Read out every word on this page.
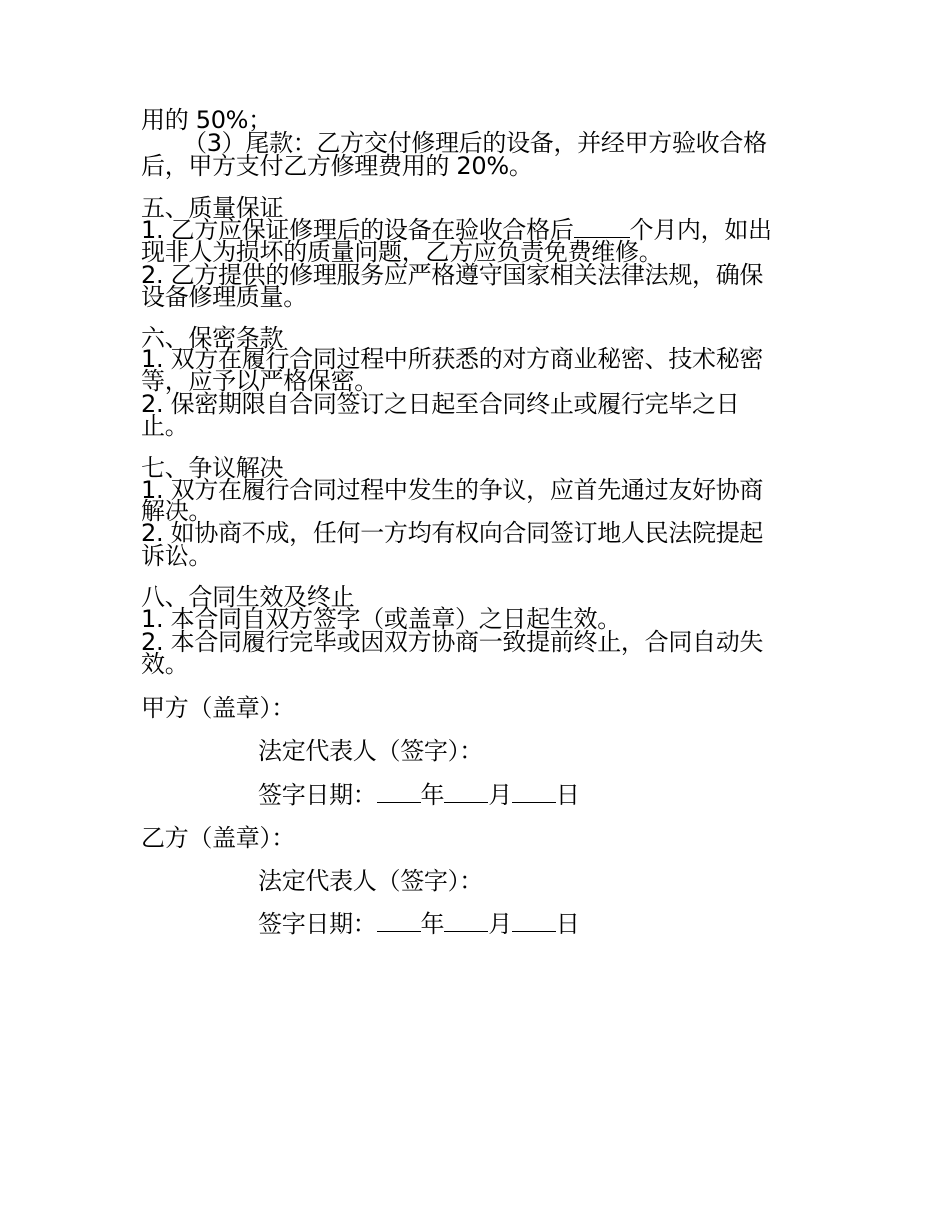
用的 50%；
（3）尾款：乙方交付修理后的设备，并经甲方验收合格
后，甲方支付乙方修理费用的 20%。
五、质量保证
1. 乙方应保证修理后的设备在验收合格后 个月内，如出
现非人为损坏的质量问题，乙方应负责免费维修。
2. 乙方提供的修理服务应严格遵守国家相关法律法规，确保
设备修理质量。
六、保密条款
1. 双方在履行合同过程中所获悉的对方商业秘密、技术秘密
等，应予以严格保密。
2. 保密期限自合同签订之日起至合同终止或履行完毕之日
止。
七、争议解决
1. 双方在履行合同过程中发生的争议，应首先通过友好协商
解决。
2. 如协商不成，任何一方均有权向合同签订地人民法院提起
诉讼。
八、合同生效及终止
1. 本合同自双方签字（或盖章）之日起生效。
2. 本合同履行完毕或因双方协商一致提前终止，合同自动失
效。
甲方（盖章）：
法定代表人（签字）：
签字日期： 年 月 日
乙方（盖章）：
法定代表人（签字）：
签字日期： 年 月 日
